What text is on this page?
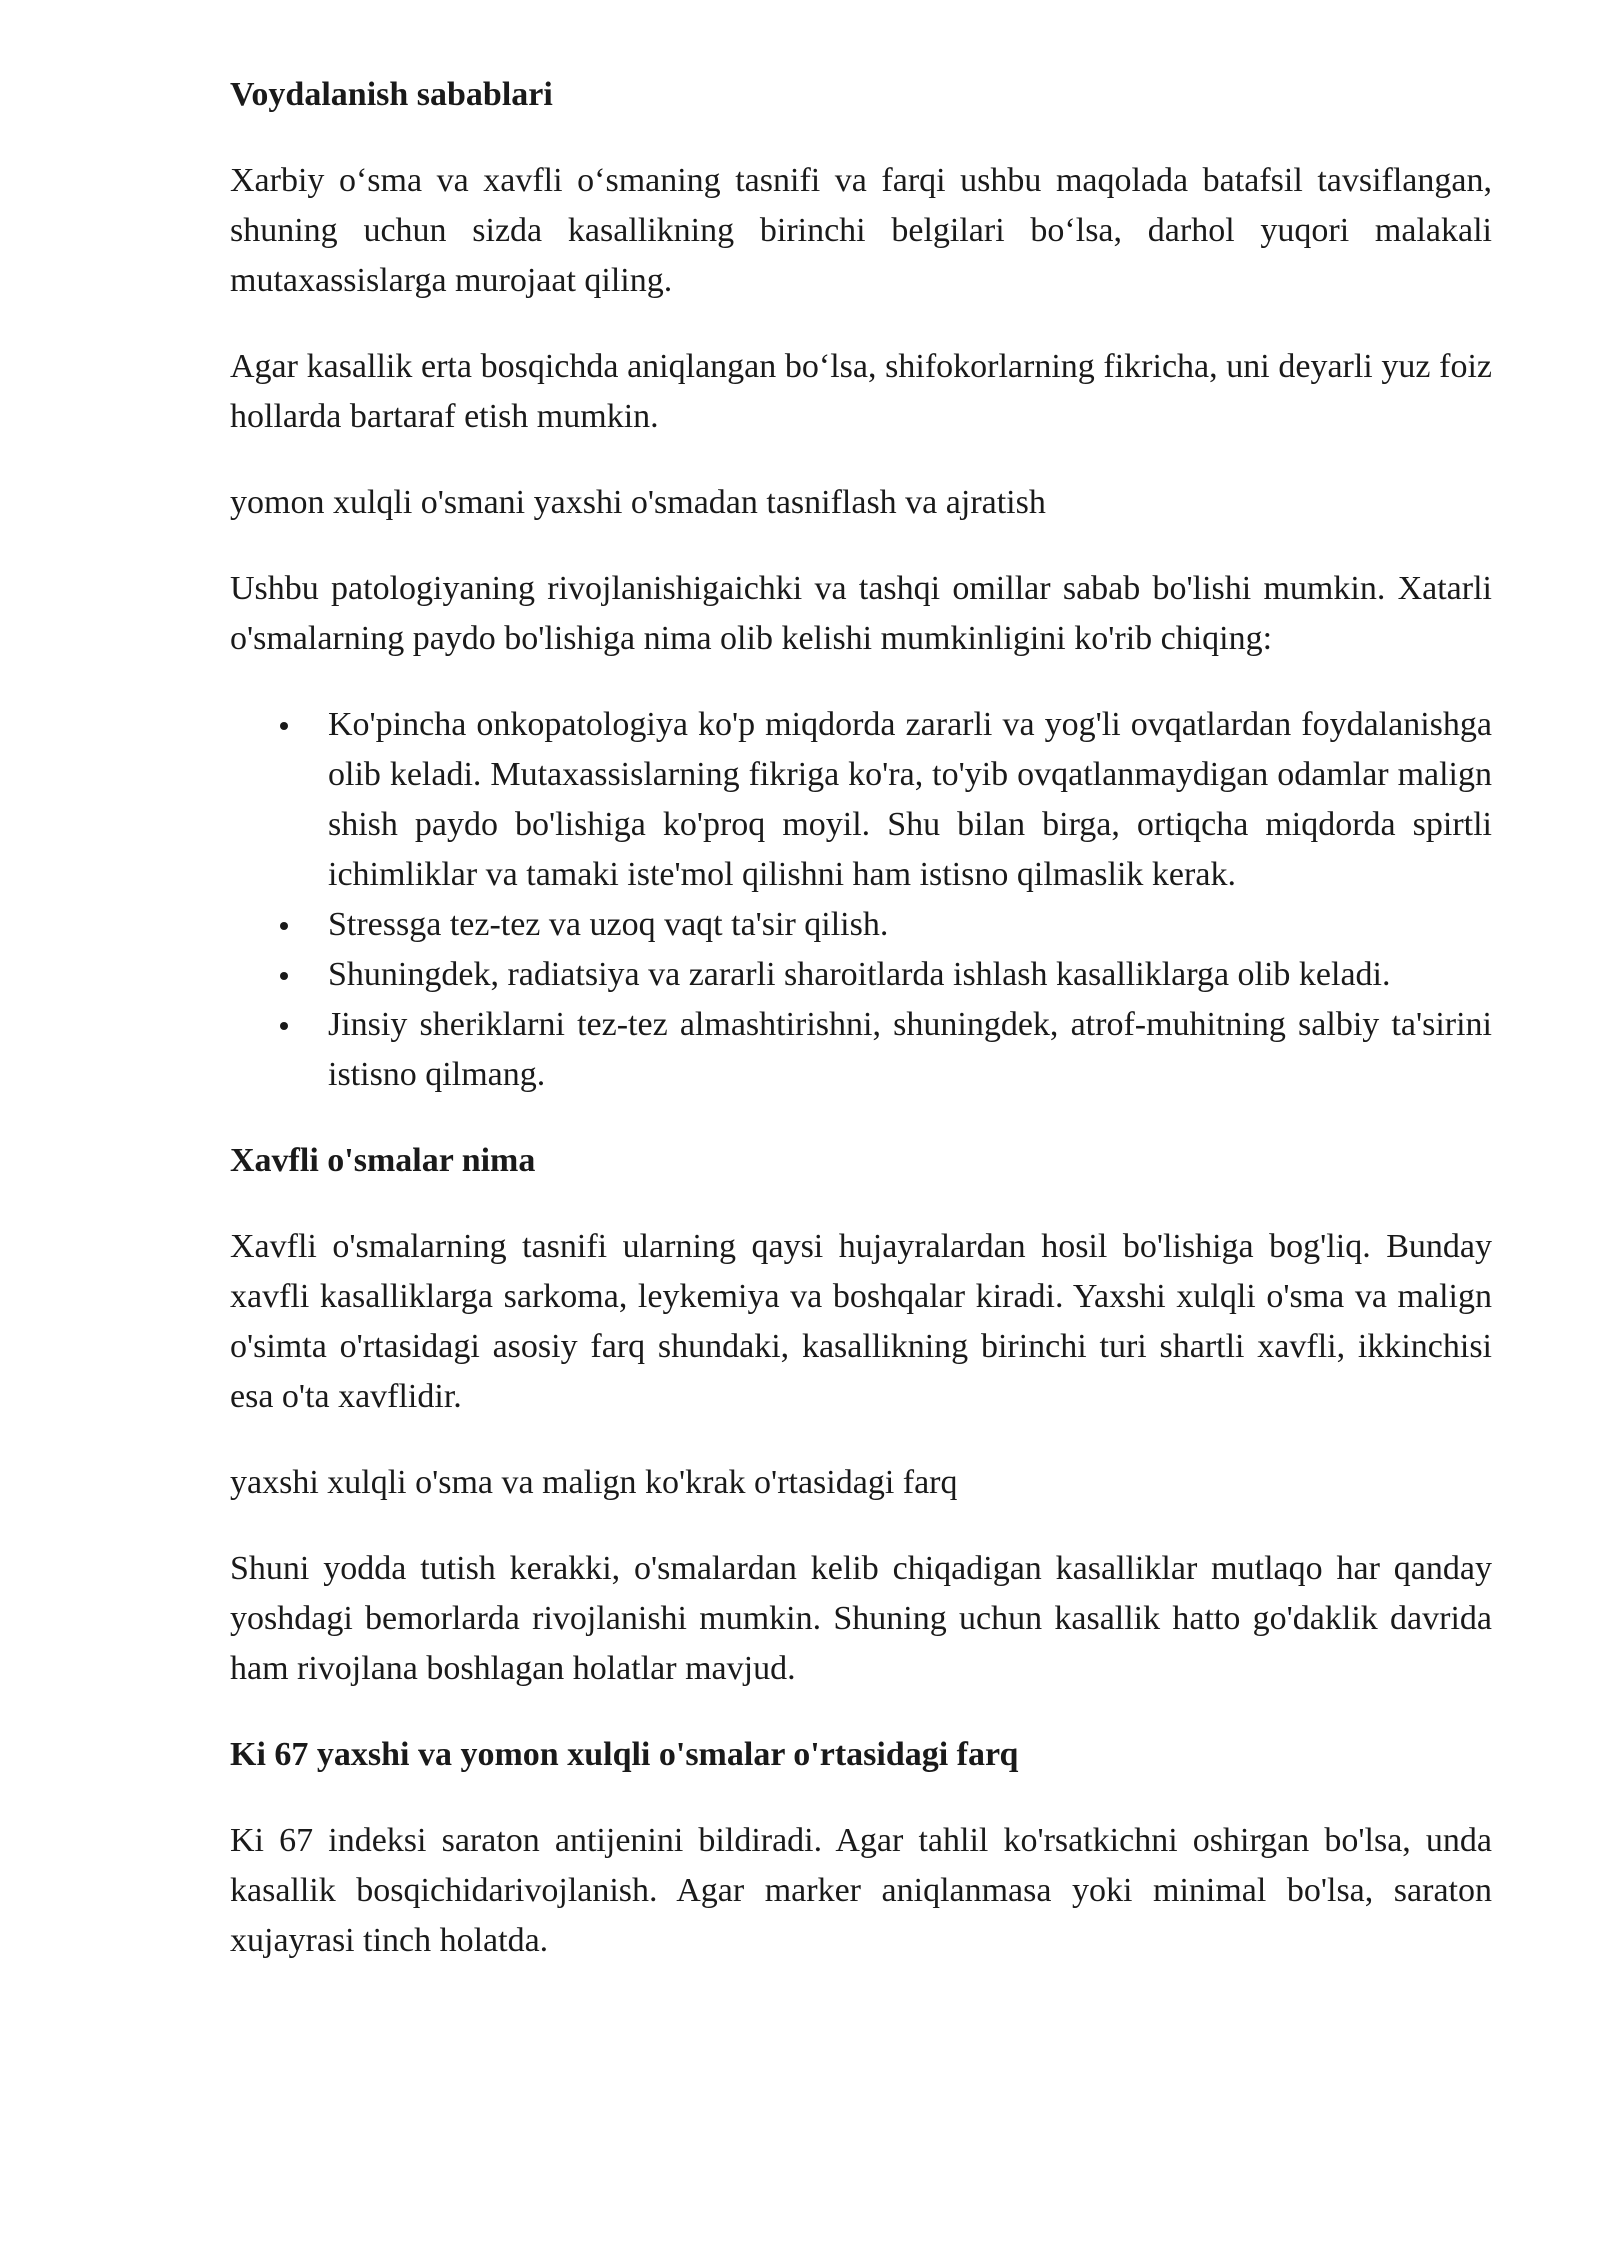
Voydalanish sabablari
Xarbiy o‘sma va xavfli o‘smaning tasnifi va farqi ushbu maqolada batafsil tavsiflangan, shuning uchun sizda kasallikning birinchi belgilari bo‘lsa, darhol yuqori malakali mutaxassislarga murojaat qiling.
Agar kasallik erta bosqichda aniqlangan bo‘lsa, shifokorlarning fikricha, uni deyarli yuz foiz hollarda bartaraf etish mumkin.
yomon xulqli o'smani yaxshi o'smadan tasniflash va ajratish
Ushbu patologiyaning rivojlanishigaichki va tashqi omillar sabab bo'lishi mumkin. Xatarli o'smalarning paydo bo'lishiga nima olib kelishi mumkinligini ko'rib chiqing:
Ko'pincha onkopatologiya ko'p miqdorda zararli va yog'li ovqatlardan foydalanishga olib keladi. Mutaxassislarning fikriga ko'ra, to'yib ovqatlanmaydigan odamlar malign shish paydo bo'lishiga ko'proq moyil. Shu bilan birga, ortiqcha miqdorda spirtli ichimliklar va tamaki iste'mol qilishni ham istisno qilmaslik kerak.
Stressga tez-tez va uzoq vaqt ta'sir qilish.
Shuningdek, radiatsiya va zararli sharoitlarda ishlash kasalliklarga olib keladi.
Jinsiy sheriklarni tez-tez almashtirishni, shuningdek, atrof-muhitning salbiy ta'sirini istisno qilmang.
Xavfli o'smalar nima
Xavfli o'smalarning tasnifi ularning qaysi hujayralardan hosil bo'lishiga bog'liq. Bunday xavfli kasalliklarga sarkoma, leykemiya va boshqalar kiradi. Yaxshi xulqli o'sma va malign o'simta o'rtasidagi asosiy farq shundaki, kasallikning birinchi turi shartli xavfli, ikkinchisi esa o'ta xavflidir.
yaxshi xulqli o'sma va malign ko'krak o'rtasidagi farq
Shuni yodda tutish kerakki, o'smalardan kelib chiqadigan kasalliklar mutlaqo har qanday yoshdagi bemorlarda rivojlanishi mumkin. Shuning uchun kasallik hatto go'daklik davrida ham rivojlana boshlagan holatlar mavjud.
Ki 67 yaxshi va yomon xulqli o'smalar o'rtasidagi farq
Ki 67 indeksi saraton antijenini bildiradi. Agar tahlil ko'rsatkichni oshirgan bo'lsa, unda kasallik bosqichidarivojlanish. Agar marker aniqlanmasa yoki minimal bo'lsa, saraton xujayrasi tinch holatda.
